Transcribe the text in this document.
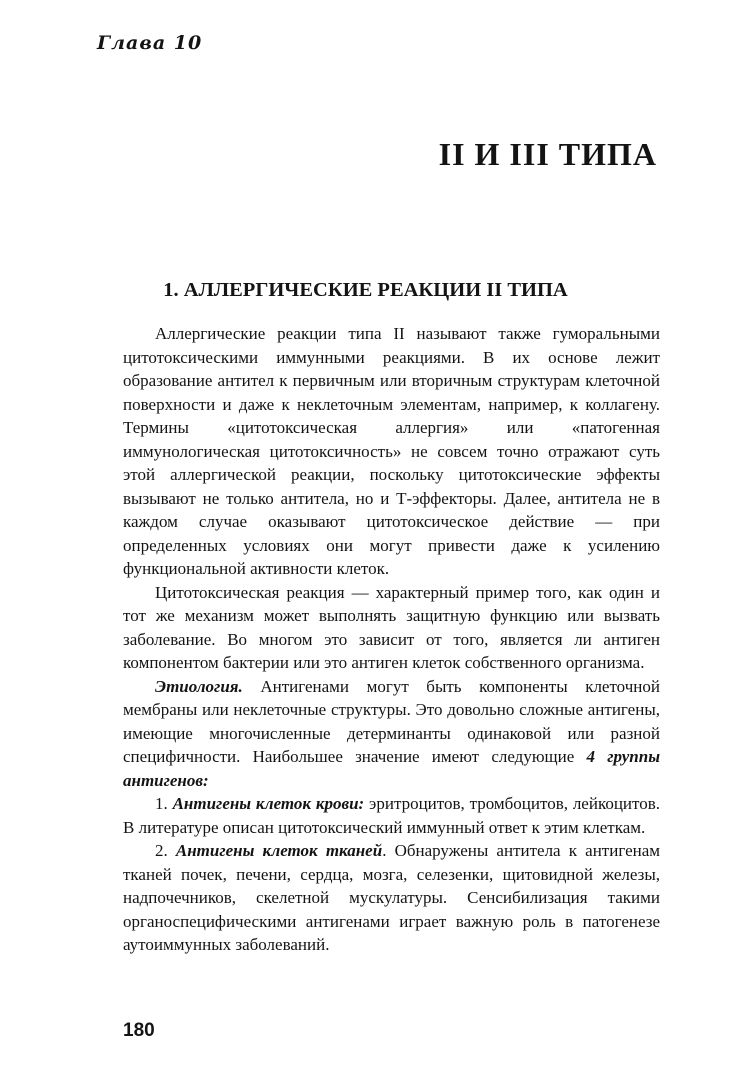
Глава 10
II И III ТИПА
1. АЛЛЕРГИЧЕСКИЕ РЕАКЦИИ II ТИПА

Аллергические реакции типа II называют также гуморальными цитотоксическими иммунными реакциями. В их основе лежит образование антител к первичным или вторичным структурам клеточной поверхности и даже к неклеточным элементам, например, к коллагену. Термины «цитотоксическая аллергия» или «патогенная иммунологическая цитотоксичность» не совсем точно отражают суть этой аллергической реакции, поскольку цитотоксические эффекты вызывают не только антитела, но и Т-эффекторы. Далее, антитела не в каждом случае оказывают цитотоксическое действие — при определенных условиях они могут привести даже к усилению функциональной активности клеток.

Цитотоксическая реакция — характерный пример того, как один и тот же механизм может выполнять защитную функцию или вызвать заболевание. Во многом это зависит от того, является ли антиген компонентом бактерии или это антиген клеток собственного организма.

Этиология. Антигенами могут быть компоненты клеточной мембраны или неклеточные структуры. Это довольно сложные антигены, имеющие многочисленные детерминанты одинаковой или разной специфичности. Наибольшее значение имеют следующие 4 группы антигенов:

1. Антигены клеток крови: эритроцитов, тромбоцитов, лейкоцитов. В литературе описан цитотоксический иммунный ответ к этим клеткам.

2. Антигены клеток тканей. Обнаружены антитела к антигенам тканей почек, печени, сердца, мозга, селезенки, щитовидной железы, надпочечников, скелетной мускулатуры. Сенсибилизация такими органоспецифическими антигенами играет важную роль в патогенезе аутоиммунных заболеваний.

180
